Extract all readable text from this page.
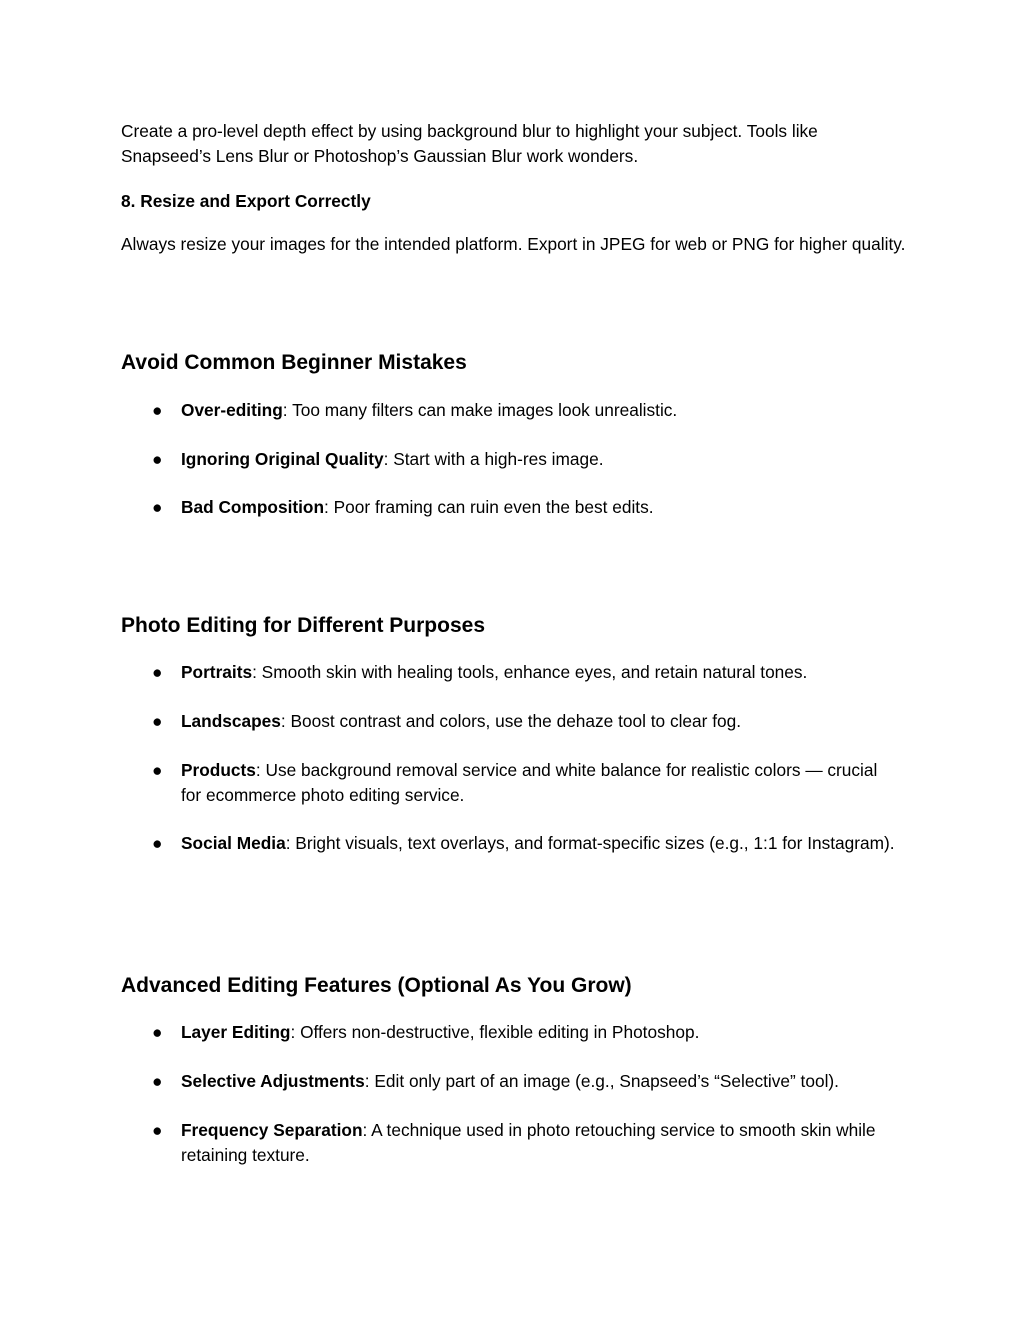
Create a pro-level depth effect by using background blur to highlight your subject. Tools like Snapseed’s Lens Blur or Photoshop’s Gaussian Blur work wonders.

8. Resize and Export Correctly

Always resize your images for the intended platform. Export in JPEG for web or PNG for higher quality.

Avoid Common Beginner Mistakes
●	Over-editing: Too many filters can make images look unrealistic.
●	Ignoring Original Quality: Start with a high-res image.
●	Bad Composition: Poor framing can ruin even the best edits.
Photo Editing for Different Purposes
●	Portraits: Smooth skin with healing tools, enhance eyes, and retain natural tones.
●	Landscapes: Boost contrast and colors, use the dehaze tool to clear fog.
●	Products: Use background removal service and white balance for realistic colors — crucial for ecommerce photo editing service.
●	Social Media: Bright visuals, text overlays, and format-specific sizes (e.g., 1:1 for Instagram).
Advanced Editing Features (Optional As You Grow)
●	Layer Editing: Offers non-destructive, flexible editing in Photoshop.
●	Selective Adjustments: Edit only part of an image (e.g., Snapseed’s “Selective” tool).
●	Frequency Separation: A technique used in photo retouching service to smooth skin while retaining texture.
